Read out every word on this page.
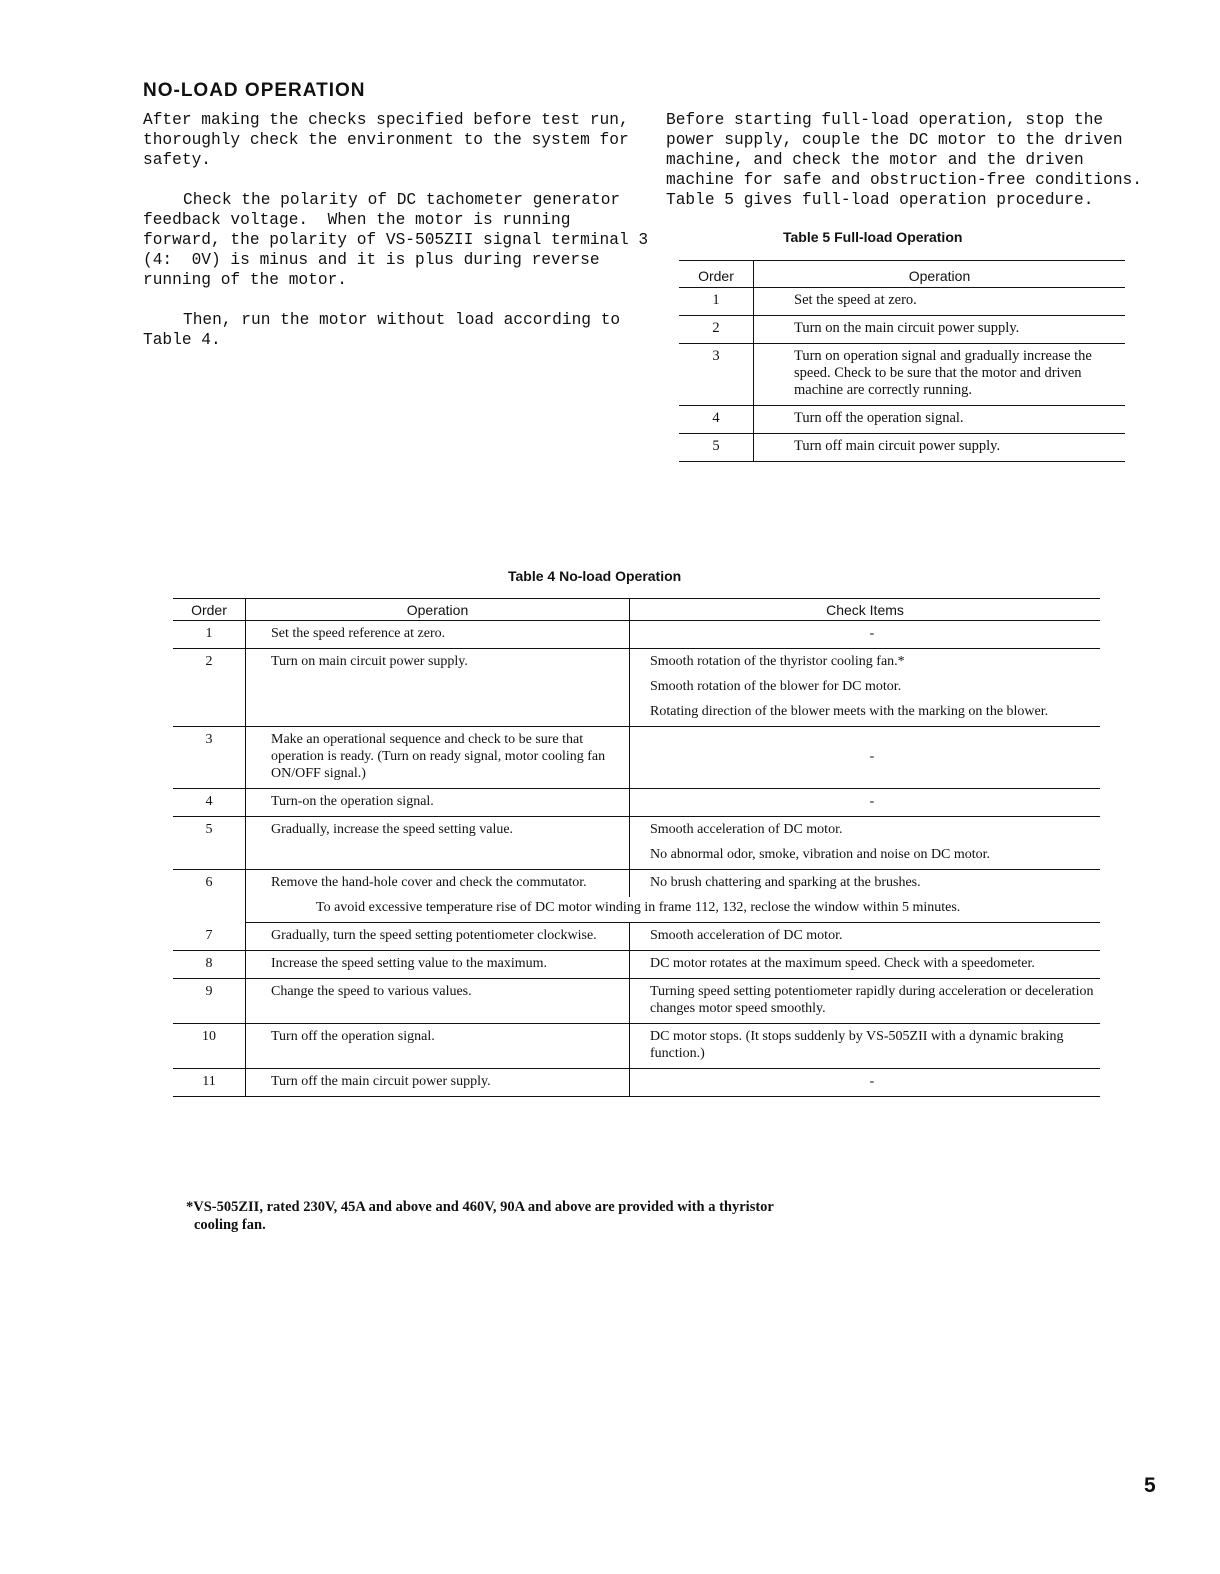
NO-LOAD OPERATION

After making the checks specified before test run, thoroughly check the environment to the system for safety.

Check the polarity of DC tachometer generator feedback voltage.  When the motor is running forward, the polarity of VS-505ZII signal terminal 3 (4:  0V) is minus and it is plus during reverse running of the motor.

Then, run the motor without load according to Table 4.

Before starting full-load operation, stop the power supply, couple the DC motor to the driven machine, and check the motor and the driven machine for safe and obstruction-free conditions. Table 5 gives full-load operation procedure.

Table 5 Full-load Operation
Order	Operation
1	Set the speed at zero.
2	Turn on the main circuit power supply.
3	Turn on operation signal and gradually increase the speed. Check to be sure that the motor and driven machine are correctly running.
4	Turn off the operation signal.
5	Turn off main circuit power supply.
Table 4 No-load Operation
Order	Operation	Check Items
1	Set the speed reference at zero.	-
2	Turn on main circuit power supply.	Smooth rotation of the thyristor cooling fan.*
Smooth rotation of the blower for DC motor.
Rotating direction of the blower meets with the marking on the blower.

3	Make an operational sequence and check to be sure that operation is ready. (Turn on ready signal, motor cooling fan ON/OFF signal.)	-
4	Turn-on the operation signal.	-
5	Gradually, increase the speed setting value.	Smooth acceleration of DC motor.
No abnormal odor, smoke, vibration and noise on DC motor.

6	Remove the hand-hole cover and check the commutator.	No brush chattering and sparking at the brushes.
	To avoid excessive temperature rise of DC motor winding in frame 112, 132, reclose the window within 5 minutes.	
7	Gradually, turn the speed setting potentiometer clockwise.	Smooth acceleration of DC motor.
8	Increase the speed setting value to the maximum.	DC motor rotates at the maximum speed. Check with a speedometer.
9	Change the speed to various values.	Turning speed setting potentiometer rapidly during acceleration or deceleration changes motor speed smoothly.
10	Turn off the operation signal.	DC motor stops. (It stops suddenly by VS-505ZII with a dynamic braking function.)
11	Turn off the main circuit power supply.	-
*VS-505ZII, rated 230V, 45A and above and 460V, 90A and above are provided with a thyristor
cooling fan.
5
